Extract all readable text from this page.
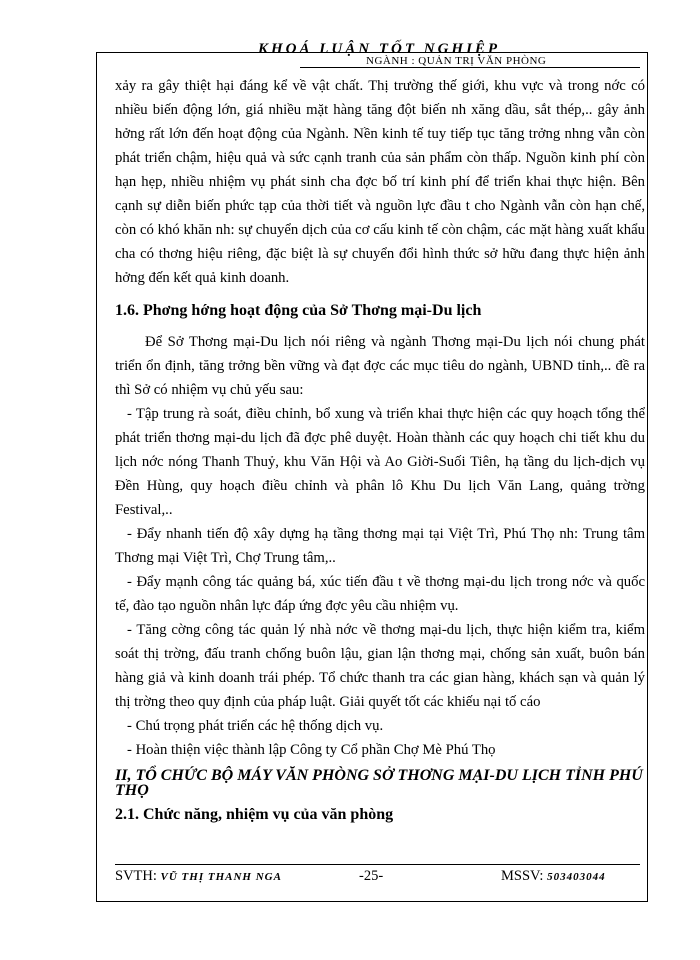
KHOÁ LUẬN TỐT NGHIỆP
NGÀNH : QUẢN TRỊ VĂN PHÒNG

xảy ra gây thiệt hại đáng kể về vật chất. Thị trường thế giới, khu vực và trong nớc có nhiều biến động lớn, giá nhiều mặt hàng tăng đột biến nh xăng dầu, sắt thép,.. gây ảnh hởng rất lớn đến hoạt động của Ngành. Nền kinh tế tuy tiếp tục tăng trởng nhng vẫn còn phát triển chậm, hiệu quả và sức cạnh tranh của sản phẩm còn thấp. Nguồn kinh phí còn hạn hẹp, nhiều nhiệm vụ phát sinh cha đợc bố trí kinh phí để triển khai thực hiện. Bên cạnh sự diễn biến phức tạp của thời tiết và nguồn lực đầu t cho Ngành vẫn còn hạn chế, còn có khó khăn nh: sự chuyển dịch của cơ cấu kinh tế còn chậm, các mặt hàng xuất khẩu cha có thơng hiệu riêng, đặc biệt là sự chuyển đổi hình thức sở hữu đang thực hiện ảnh hởng đến kết quả kinh doanh.

1.6. Phơng hớng hoạt động của Sở Thơng mại-Du lịch

Để Sở Thơng mại-Du lịch nói riêng và ngành Thơng mại-Du lịch nói chung phát triển ổn định, tăng trởng bền vững và đạt đợc các mục tiêu do ngành, UBND tỉnh,.. đề ra thì Sở có nhiệm vụ chủ yếu sau:

- Tập trung rà soát, điều chỉnh, bổ xung và triển khai thực hiện các quy hoạch tổng thể phát triển thơng mại-du lịch đã đợc phê duyệt. Hoàn thành các quy hoạch chi tiết khu du lịch nớc nóng Thanh Thuỷ, khu Văn Hội và Ao Giời-Suối Tiên, hạ tầng du lịch-dịch vụ Đền Hùng, quy hoạch điều chỉnh và phân lô Khu Du lịch Văn Lang, quảng trờng Festival,..

- Đẩy nhanh tiến độ xây dựng hạ tầng thơng mại tại Việt Trì, Phú Thọ nh: Trung tâm Thơng mại Việt Trì, Chợ Trung tâm,..

- Đẩy mạnh công tác quảng bá, xúc tiến đầu t về thơng mại-du lịch trong nớc và quốc tế, đào tạo nguồn nhân lực đáp ứng đợc yêu cầu nhiệm vụ.

- Tăng cờng công tác quản lý nhà nớc về thơng mại-du lịch, thực hiện kiểm tra, kiểm soát thị trờng, đấu tranh chống buôn lậu, gian lận thơng mại, chống sản xuất, buôn bán hàng giả và kinh doanh trái phép. Tổ chức thanh tra các gian hàng, khách sạn và quản lý thị trờng theo quy định của pháp luật. Giải quyết tốt các khiếu nại tố cáo

- Chú trọng phát triển các hệ thống dịch vụ.

- Hoàn thiện việc thành lập Công ty Cổ phần Chợ Mè Phú Thọ

II, TỔ CHỨC BỘ MÁY VĂN PHÒNG SỞ THƠNG MẠI-DU LỊCH TỈNH PHÚ THỌ
2.1. Chức năng, nhiệm vụ của văn phòng
SVTH: VŨ THỊ THANH NGA	-25-	MSSV: 503403044
